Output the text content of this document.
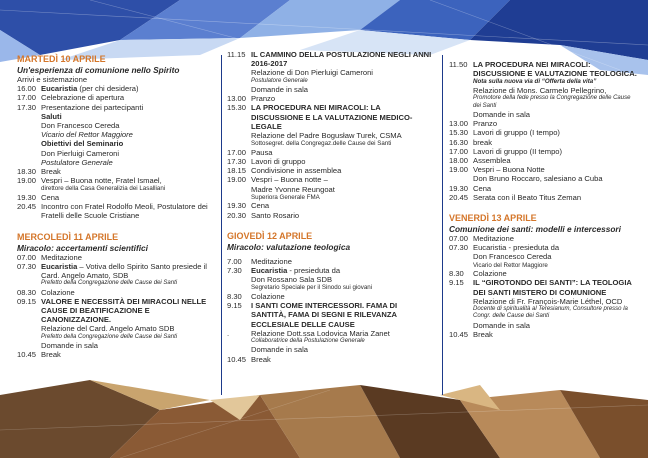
MARTEDÌ 10 APRILE
Un'esperienza di comunione nello Spirito
Arrivi e sistemazione
16.00 Eucaristia (per chi desidera)
17.00 Celebrazione di apertura
17.30 Presentazione dei partecipanti
Saluti
Don Francesco Cereda
Vicario del Rettor Maggiore
Obiettivi del Seminario
Don Pierluigi Cameroni
Postulatore Generale
18.30 Break
19.00 Vespri – Buona notte, Fratel Ismael,
direttore della Casa Generalizia dei Lasalliani
19.30 Cena
20.45 Incontro con Fratel Rodolfo Meoli, Postulatore dei Fratelli delle Scuole Cristiane
MERCOLEDÌ 11 APRILE
Miracolo: accertamenti scientifici
07.00 Meditazione
07.30 Eucaristia – Votiva dello Spirito Santo presiede il Card. Angelo Amato, SDB
Prefetto della Congregazione delle Cause dei Santi
08.30 Colazione
09.15 VALORE E NECESSITÀ DEI MIRACOLI NELLE CAUSE DI BEATIFICAZIONE E CANONIZZAZIONE.
Relazione del Card. Angelo Amato SDB
Prefetto della Congregazione delle Cause dei Santi
Domande in sala
10.45 Break
11.15 IL CAMMINO DELLA POSTULAZIONE NEGLI ANNI 2016-2017
Relazione di Don Pierluigi Cameroni
Postulatore Generale
Domande in sala
13.00 Pranzo
15.30 LA PROCEDURA NEI MIRACOLI: LA DISCUSSIONE E LA VALUTAZIONE MEDICO-LEGALE
Relazione del Padre Bogusław Turek, CSMA
Sottosegret. della Congregaz.delle Cause dei Santi
17.00 Pausa
17.30 Lavori di gruppo
18.15 Condivisione in assemblea
19.00 Vespri – Buona notte –
Madre Yvonne Reungoat
Superiora Generale FMA
19.30 Cena
20.30 Santo Rosario
GIOVEDÌ 12 APRILE
Miracolo: valutazione teologica
7.00	Meditazione
7.30	Eucaristia - presieduta da
Don Rossano Sala SDB
Segretario Speciale per il Sinodo sui giovani
8.30	Colazione
9.15	I SANTI COME INTERCESSORI. FAMA DI SANTITÀ, FAMA DI SEGNI E RILEVANZA ECCLESIALE DELLE CAUSE
.	Relazione Dott.ssa Lodovica Maria Zanet
Collaboratrice della Postulazione Generale
Domande in sala
10.45 Break
11.50 LA PROCEDURA NEI MIRACOLI: DISCUSSIONE E VALUTAZIONE TEOLOGICA.
Nota sulla nuova via di “Offerta della vita”
Relazione di Mons. Carmelo Pellegrino,
Promotore della fede presso la Congregazione delle Cause dei Santi
Domande in sala
13.00 Pranzo
15.30 Lavori di gruppo (I tempo)
16.30 break
17.00 Lavori di gruppo (II tempo)
18.00 Assemblea
19.00 Vespri – Buona Notte
Don Bruno Roccaro, salesiano a Cuba
19.30 Cena
20.45 Serata con il Beato Titus Zeman
VENERDÌ 13 APRILE
Comunione dei santi: modelli e intercessori
07.00 Meditazione
07.30 Eucaristia - presieduta da
Don Francesco Cereda
Vicario del Rettor Maggiore
8.30	Colazione
9.15	IL “GIROTONDO DEI SANTI”: LA TEOLOGIA DEI SANTI MISTERO DI COMUNIONE
Relazione di Fr. François-Marie Léthel, OCD
Docente di spiritualità al Teresianum, Consultore presso la Congr. delle Cause dei Santi
Domande in sala
10.45 Break
